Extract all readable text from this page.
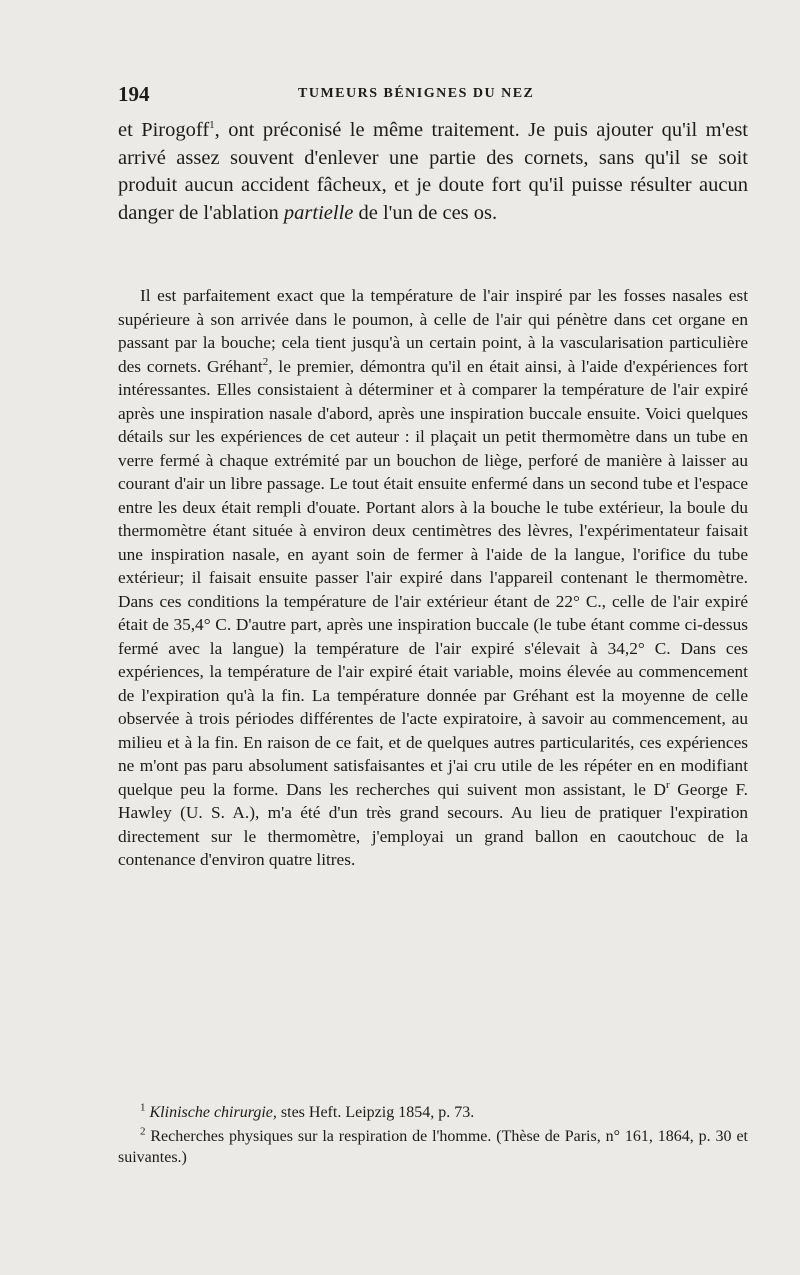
194	TUMEURS BÉNIGNES DU NEZ

et Pirogoff$^1$, ont préconisé le même traitement. Je puis ajouter qu'il m'est arrivé assez souvent d'enlever une partie des cornets, sans qu'il se soit produit aucun accident fâcheux, et je doute fort qu'il puisse résulter aucun danger de l'ablation partielle de l'un de ces os.

Il est parfaitement exact que la température de l'air inspiré par les fosses nasales est supérieure à son arrivée dans le poumon, à celle de l'air qui pénètre dans cet organe en passant par la bouche; cela tient jusqu'à un certain point, à la vascularisation particulière des cornets. Gréhant$^2$, le premier, démontra qu'il en était ainsi, à l'aide d'expériences fort intéressantes. Elles consistaient à déterminer et à comparer la température de l'air expiré après une inspiration nasale d'abord, après une inspiration buccale ensuite. Voici quelques détails sur les expériences de cet auteur : il plaçait un petit thermomètre dans un tube en verre fermé à chaque extrémité par un bouchon de liège, perforé de manière à laisser au courant d'air un libre passage. Le tout était ensuite enfermé dans un second tube et l'espace entre les deux était rempli d'ouate. Portant alors à la bouche le tube extérieur, la boule du thermomètre étant située à environ deux centimètres des lèvres, l'expérimentateur faisait une inspiration nasale, en ayant soin de fermer à l'aide de la langue, l'orifice du tube extérieur; il faisait ensuite passer l'air expiré dans l'appareil contenant le thermomètre. Dans ces conditions la température de l'air extérieur étant de 22° C., celle de l'air expiré était de 35,4° C. D'autre part, après une inspiration buccale (le tube étant comme ci-dessus fermé avec la langue) la température de l'air expiré s'élevait à 34,2° C. Dans ces expériences, la température de l'air expiré était variable, moins élevée au commencement de l'expiration qu'à la fin. La température donnée par Gréhant est la moyenne de celle observée à trois périodes différentes de l'acte expiratoire, à savoir au commencement, au milieu et à la fin. En raison de ce fait, et de quelques autres particularités, ces expériences ne m'ont pas paru absolument satisfaisantes et j'ai cru utile de les répéter en en modifiant quelque peu la forme. Dans les recherches qui suivent mon assistant, le $D^r$ George F. Hawley (U. S. A.), m'a été d'un très grand secours. Au lieu de pratiquer l'expiration directement sur le thermomètre, j'employai un grand ballon en caoutchouc de la contenance d'environ quatre litres.

$^1$ Klinische chirurgie, stes Heft. Leipzig 1854, p. 73.

$^2$ Recherches physiques sur la respiration de l'homme. (Thèse de Paris, n° 161, 1864, p. 30 et suivantes.)
